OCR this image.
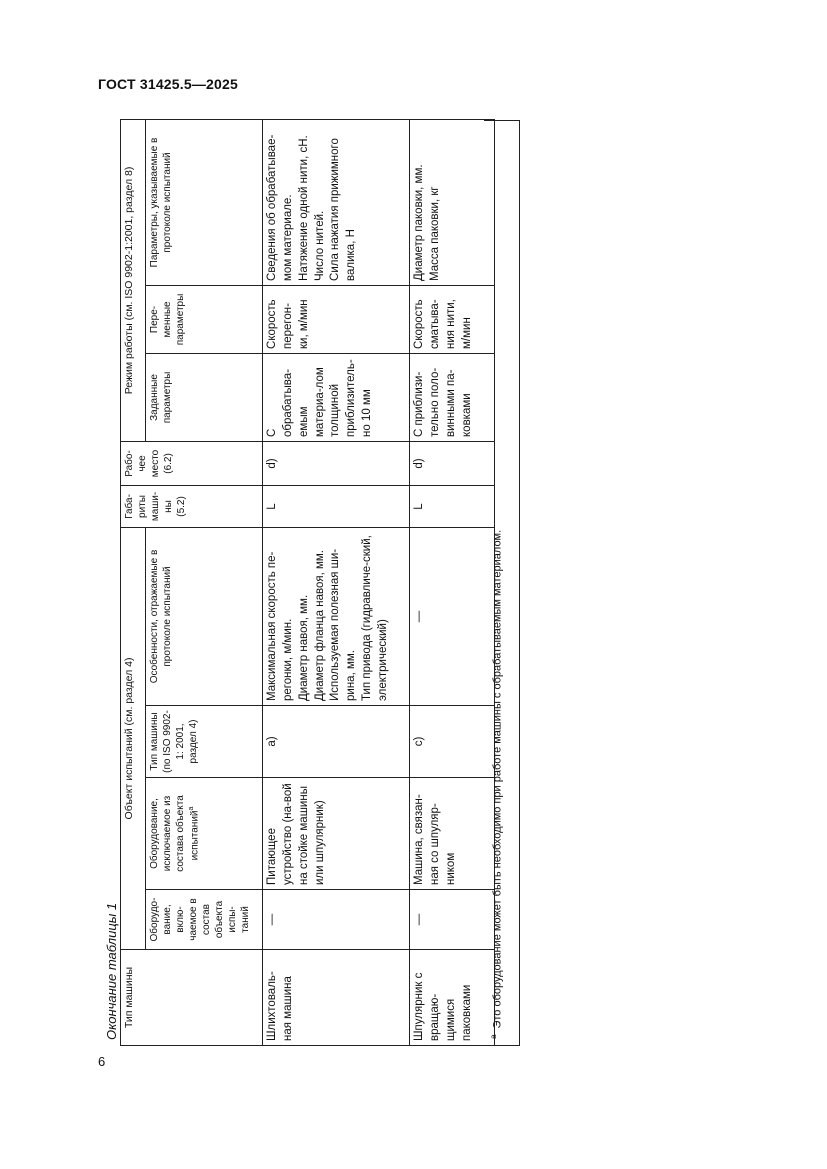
ГОСТ 31425.5—2025
Окончание таблицы 1
6
Тип машины	Объект испытаний (см. раздел 4)				Габа-риты маши-ны (5.2)	Рабо-чее место (6.2)	Режим работы (см. ISO 9902-1:2001, раздел 8)		
	Оборудо-вание, вклю-чаемое в состав объекта испы-таний	Оборудование, исключаемое из состава объекта испытаний$^a$	Тип машины (по ISO 9902-1: 2001, раздел 4)	Особенности, отражаемые в протоколе испытаний			Заданные параметры	Пере-менные параметры	Параметры, указываемые в протоколе испытаний
Шлихтоваль-ная машина	—	Питающее устройство (на-вой на стойке машины или шпулярник)	a)	Максимальная скорость пе-регонки, м/мин. Диаметр навоя, мм. Диаметр фланца навоя, мм. Используемая полезная ши-рина, мм. Тип привода (гидравличе-ский, электрический)	L	d)	С обрабатыва-емым материа-лом толщиной приблизитель-но 10 мм	Скорость перегон-ки, м/мин	Сведения об обрабатывае-мом материале. Натяжение одной нити, сН. Число нитей. Сила нажатия прижимного валика, Н

Шпулярник с вращаю-щимися паковками	—	Машина, связан-ная со шпуляр-ником	c)	—	L	d)	С приблизи-тельно поло-винными па-ковками	Скорость сматыва-ния нити, м/мин	Диаметр паковки, мм. Масса паковки, кг
$^a$Это оборудование может быть необходимо при работе машины с обрабатываемым материалом.
